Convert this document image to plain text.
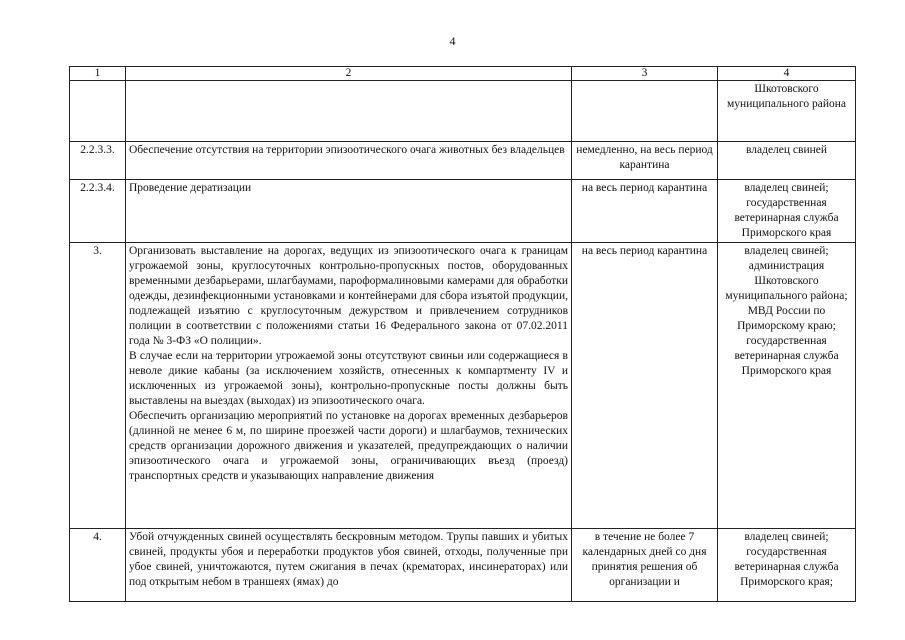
4
1	2	3	4

		Шкотовского муниципального района
2.2.3.3.	Обеспечение отсутствия на территории эпизоотического очага животных без владельцев	немедленно, на весь период карантина	владелец свиней
2.2.3.4.	Проведение дератизации	на весь период карантина	владелец свиней; государственная ветеринарная служба Приморского края
3.	Организовать выставление на дорогах, ведущих из эпизоотического очага к границам угрожаемой зоны, круглосуточных контрольно-пропускных постов, оборудованных временными дезбарьерами, шлагбаумами, пароформалиновыми камерами для обработки одежды, дезинфекционными установками и контейнерами для сбора изъятой продукции, подлежащей изъятию с круглосуточным дежурством и привлечением сотрудников полиции в соответствии с положениями статьи 16 Федерального закона от 07.02.2011 года № 3-ФЗ «О полиции».

В случае если на территории угрожаемой зоны отсутствуют свиньи или содержащиеся в неволе дикие кабаны (за исключением хозяйств, отнесенных к компартменту IV и исключенных из угрожаемой зоны), контрольно-пропускные посты должны быть выставлены на выездах (выходах) из эпизоотического очага.

Обеспечить организацию мероприятий по установке на дорогах временных дезбарьеров (длинной не менее 6 м, по ширине проезжей части дороги) и шлагбаумов, технических средств организации дорожного движения и указателей, предупреждающих о наличии эпизоотического очага и угрожаемой зоны, ограничивающих въезд (проезд) транспортных средств и указывающих направление движения	на весь период карантина	владелец свиней; администрация Шкотовского муниципального района; МВД России по Приморскому краю; государственная ветеринарная служба Приморского края
4.	Убой отчужденных свиней осуществлять бескровным методом. Трупы павших и убитых свиней, продукты убоя и переработки продуктов убоя свиней, отходы, полученные при убое свиней, уничтожаются, путем сжигания в печах (крематорах, инсинераторах) или под открытым небом в траншеях (ямах) до	в течение не более 7 календарных дней со дня принятия решения об организации и	владелец свиней; государственная ветеринарная служба Приморского края;
